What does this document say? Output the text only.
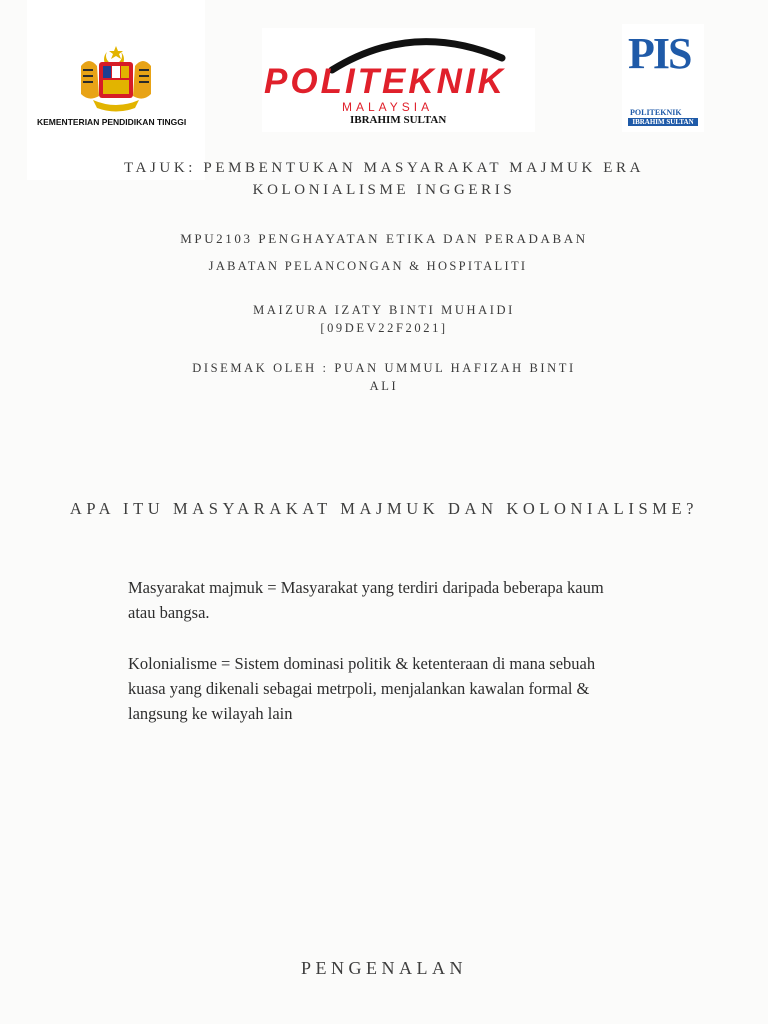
KEMENTERIAN PENDIDIKAN TINGGI
POLITEKNIK
MALAYSIA
IBRAHIM SULTAN
PIS
POLITEKNIK
IBRAHIM SULTAN
TAJUK: PEMBENTUKAN MASYARAKAT MAJMUK ERA
KOLONIALISME INGGERIS
MPU2103 PENGHAYATAN ETIKA DAN PERADABAN
JABATAN PELANCONGAN & HOSPITALITI
MAIZURA IZATY BINTI MUHAIDI
[09DEV22F2021]
DISEMAK OLEH : PUAN UMMUL HAFIZAH BINTI
ALI
APA ITU MASYARAKAT MAJMUK DAN KOLONIALISME?
Masyarakat majmuk = Masyarakat yang terdiri daripada beberapa kaum atau bangsa.
Kolonialisme = Sistem dominasi politik & ketenteraan di mana sebuah kuasa yang dikenali sebagai metrpoli, menjalankan kawalan formal & langsung ke wilayah lain
PENGENALAN
